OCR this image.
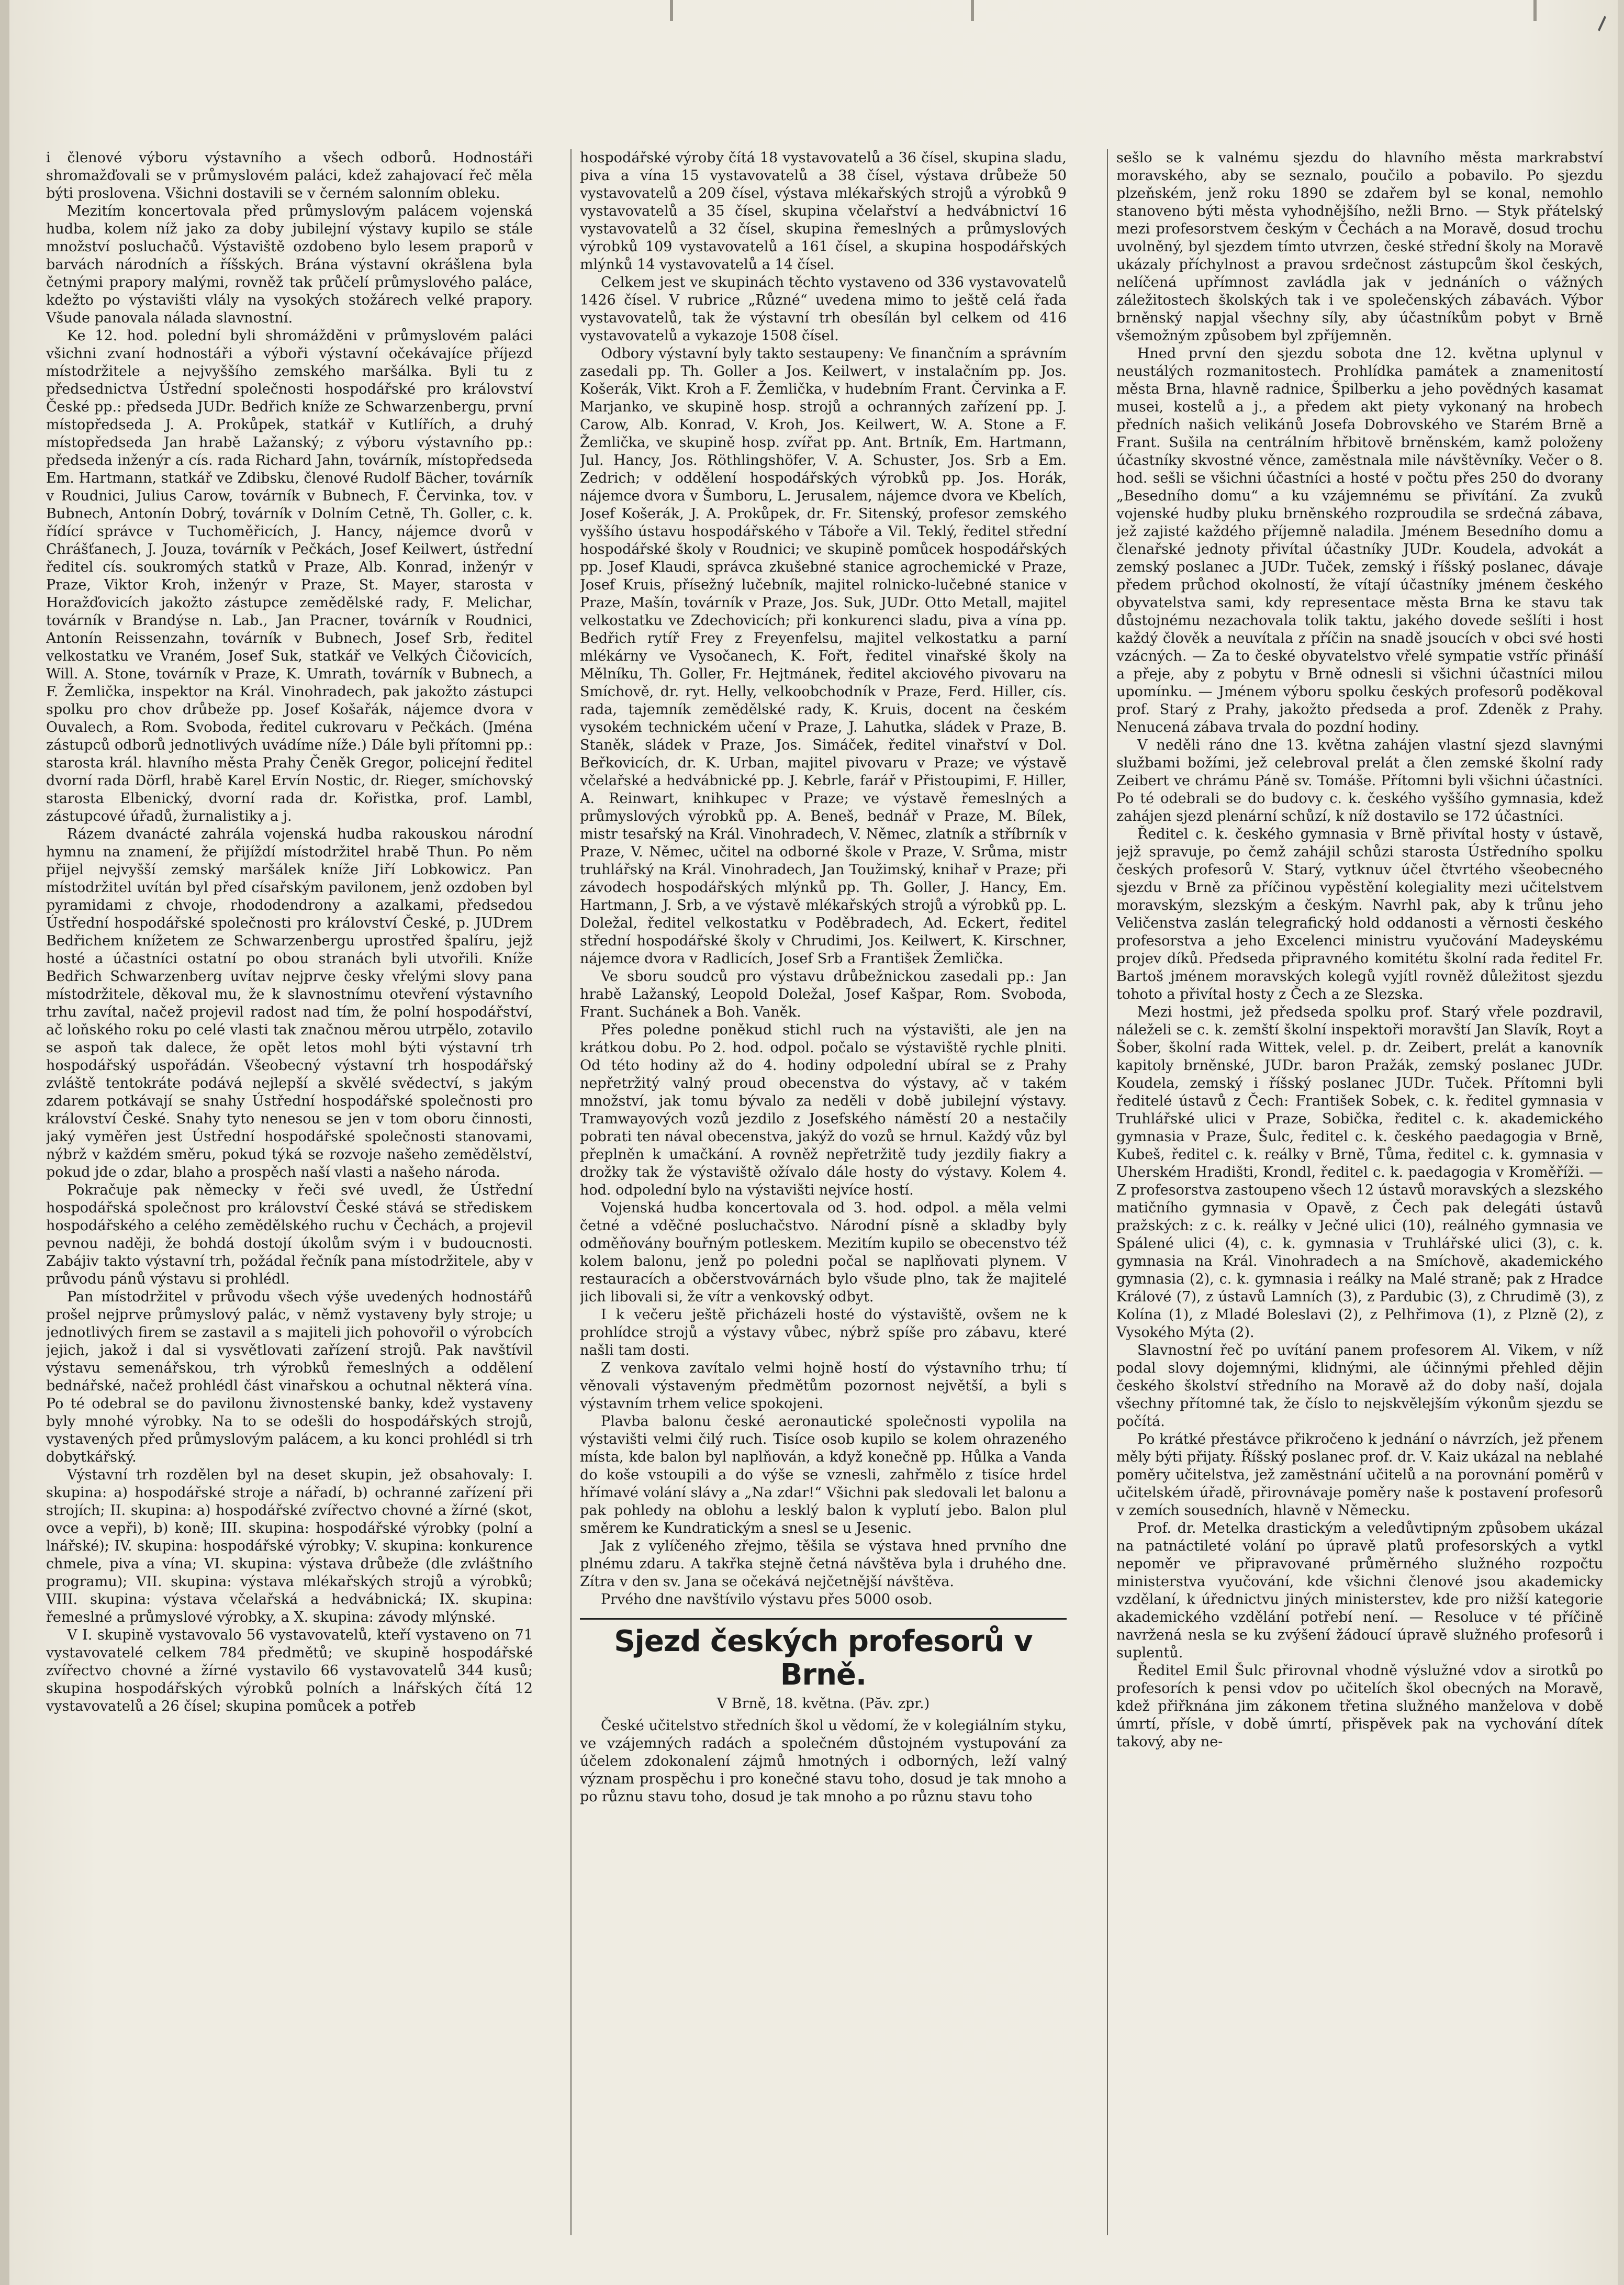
i členové výboru výstavního a všech odborů. Hodnostáři shromažďovali se v průmyslovém paláci, kdež zahajovací řeč měla býti proslovena. Všichni dostavili se v černém salonním obleku.

Mezitím koncertovala před průmyslovým palácem vojenská hudba, kolem níž jako za doby jubilejní výstavy kupilo se stále množství posluchačů. Výstaviště ozdobeno bylo lesem praporů v barvách národních a říšských. Brána výstavní okrášlena byla četnými prapory malými, rovněž tak průčelí průmyslového paláce, kdežto po výstavišti vlály na vysokých stožárech velké prapory. Všude panovala nálada slavnostní.

Ke 12. hod. polední byli shromážděni v průmyslovém paláci všichni zvaní hodnostáři a výboři výstavní očekávajíce příjezd místodržitele a nejvyššího zemského maršálka. Byli tu z předsednictva Ústřední společnosti hospodářské pro království České pp.: předseda JUDr. Bedřich kníže ze Schwarzenbergu, první místopředseda J. A. Prokůpek, statkář v Kutlířích, a druhý místopředseda Jan hrabě Lažanský; z výboru výstavního pp.: předseda inženýr a cís. rada Richard Jahn, továrník, místopředseda Em. Hartmann, statkář ve Zdibsku, členové Rudolf Bächer, továrník v Roudnici, Julius Carow, továrník v Bubnech, F. Červinka, tov. v Bubnech, Antonín Dobrý, továrník v Dolním Cetně, Th. Goller, c. k. řídící správce v Tuchoměřicích, J. Hancy, nájemce dvorů v Chrášťanech, J. Jouza, továrník v Pečkách, Josef Keilwert, ústřední ředitel cís. soukromých statků v Praze, Alb. Konrad, inženýr v Praze, Viktor Kroh, inženýr v Praze, St. Mayer, starosta v Horažďovicích jakožto zástupce zemědělské rady, F. Melichar, továrník v Brandýse n. Lab., Jan Pracner, továrník v Roudnici, Antonín Reissenzahn, továrník v Bubnech, Josef Srb, ředitel velkostatku ve Vraném, Josef Suk, statkář ve Velkých Čičovicích, Will. A. Stone, továrník v Praze, K. Umrath, továrník v Bubnech, a F. Žemlička, inspektor na Král. Vinohradech, pak jakožto zástupci spolku pro chov drůbeže pp. Josef Košařák, nájemce dvora v Ouvalech, a Rom. Svoboda, ředitel cukrovaru v Pečkách. (Jména zástupců odborů jednotlivých uvádíme níže.) Dále byli přítomni pp.: starosta král. hlavního města Prahy Čeněk Gregor, policejní ředitel dvorní rada Dörfl, hrabě Karel Ervín Nostic, dr. Rieger, smíchovský starosta Elbenický, dvorní rada dr. Kořistka, prof. Lambl, zástupcové úřadů, žurnalistiky a j.

Rázem dvanácté zahrála vojenská hudba rakouskou národní hymnu na znamení, že přijíždí místodržitel hrabě Thun. Po něm přijel nejvyšší zemský maršálek kníže Jiří Lobkowicz. Pan místodržitel uvítán byl před císařským pavilonem, jenž ozdoben byl pyramidami z chvoje, rhododendrony a azalkami, předsedou Ústřední hospodářské společnosti pro království České, p. JUDrem Bedřichem knížetem ze Schwarzenbergu uprostřed špalíru, jejž hosté a účastníci ostatní po obou stranách byli utvořili. Kníže Bedřich Schwarzenberg uvítav nejprve česky vřelými slovy pana místodržitele, děkoval mu, že k slavnostnímu otevření výstavního trhu zavítal, načež projevil radost nad tím, že polní hospodářství, ač loňského roku po celé vlasti tak značnou měrou utrpělo, zotavilo se aspoň tak dalece, že opět letos mohl býti výstavní trh hospodářský uspořádán. Všeobecný výstavní trh hospodářský zvláště tentokráte podává nejlepší a skvělé svědectví, s jakým zdarem potkávají se snahy Ústřední hospodářské společnosti pro království České. Snahy tyto nenesou se jen v tom oboru činnosti, jaký vyměřen jest Ústřední hospodářské společnosti stanovami, nýbrž v každém směru, pokud týká se rozvoje našeho zemědělství, pokud jde o zdar, blaho a prospěch naší vlasti a našeho národa.

Pokračuje pak německy v řeči své uvedl, že Ústřední hospodářská společnost pro království České stává se střediskem hospodářského a celého zemědělského ruchu v Čechách, a projevil pevnou naději, že bohdá dostojí úkolům svým i v budoucnosti. Zabájiv takto výstavní trh, požádal řečník pana místodržitele, aby v průvodu pánů výstavu si prohlédl.

Pan místodržitel v průvodu všech výše uvedených hodnostářů prošel nejprve průmyslový palác, v němž vystaveny byly stroje; u jednotlivých firem se zastavil a s majiteli jich pohovořil o výrobcích jejich, jakož i dal si vysvětlovati zařízení strojů. Pak navštívil výstavu semenářskou, trh výrobků řemeslných a oddělení bednářské, načež prohlédl část vinařskou a ochutnal některá vína. Po té odebral se do pavilonu živnostenské banky, kdež vystaveny byly mnohé výrobky. Na to se odešli do hospodářských strojů, vystavených před průmyslovým palácem, a ku konci prohlédl si trh dobytkářský.

Výstavní trh rozdělen byl na deset skupin, jež obsahovaly: I. skupina: a) hospodářské stroje a nářadí, b) ochranné zařízení při strojích; II. skupina: a) hospodářské zvířectvo chovné a žírné (skot, ovce a vepři), b) koně; III. skupina: hospodářské výrobky (polní a lnářské); IV. skupina: hospodářské výrobky; V. skupina: konkurence chmele, piva a vína; VI. skupina: výstava drůbeže (dle zvláštního programu); VII. skupina: výstava mlékařských strojů a výrobků; VIII. skupina: výstava včelařská a hedvábnická; IX. skupina: řemeslné a průmyslové výrobky, a X. skupina: závody mlýnské.

V I. skupině vystavovalo 56 vystavovatelů, kteří vystaveno on 71 vystavovatelé celkem 784 předmětů; ve skupině hospodářské zvířectvo chovné a žírné vystavilo 66 vystavovatelů 344 kusů; skupina hospodářských výrobků polních a lnářských čítá 12 vystavovatelů a 26 čísel; skupina pomůcek a potřeb

hospodářské výroby čítá 18 vystavovatelů a 36 čísel, skupina sladu, piva a vína 15 vystavovatelů a 38 čísel, výstava drůbeže 50 vystavovatelů a 209 čísel, výstava mlékařských strojů a výrobků 9 vystavovatelů a 35 čísel, skupina včelařství a hedvábnictví 16 vystavovatelů a 32 čísel, skupina řemeslných a průmyslových výrobků 109 vystavovatelů a 161 čísel, a skupina hospodářských mlýnků 14 vystavovatelů a 14 čísel.

Celkem jest ve skupinách těchto vystaveno od 336 vystavovatelů 1426 čísel. V rubrice „Různé“ uvedena mimo to ještě celá řada vystavovatelů, tak že výstavní trh obesílán byl celkem od 416 vystavovatelů a vykazoje 1508 čísel.

Odbory výstavní byly takto sestaupeny: Ve finančním a správním zasedali pp. Th. Goller a Jos. Keilwert, v instalačním pp. Jos. Košerák, Vikt. Kroh a F. Žemlička, v hudebním Frant. Červinka a F. Marjanko, ve skupině hosp. strojů a ochranných zařízení pp. J. Carow, Alb. Konrad, V. Kroh, Jos. Keilwert, W. A. Stone a F. Žemlička, ve skupině hosp. zvířat pp. Ant. Brtník, Em. Hartmann, Jul. Hancy, Jos. Röthlingshöfer, V. A. Schuster, Jos. Srb a Em. Zedrich; v oddělení hospodářských výrobků pp. Jos. Horák, nájemce dvora v Šumboru, L. Jerusalem, nájemce dvora ve Kbelích, Josef Košerák, J. A. Prokůpek, dr. Fr. Sitenský, profesor zemského vyššího ústavu hospodářského v Táboře a Vil. Teklý, ředitel střední hospodářské školy v Roudnici; ve skupině pomůcek hospodářských pp. Josef Klaudi, správca zkušebné stanice agrochemické v Praze, Josef Kruis, přísežný lučebník, majitel rolnicko-lučebné stanice v Praze, Mašín, továrník v Praze, Jos. Suk, JUDr. Otto Metall, majitel velkostatku ve Zdechovicích; při konkurenci sladu, piva a vína pp. Bedřich rytíř Frey z Freyenfelsu, majitel velkostatku a parní mlékárny ve Vysočanech, K. Fořt, ředitel vinařské školy na Mělníku, Th. Goller, Fr. Hejtmánek, ředitel akciového pivovaru na Smíchově, dr. ryt. Helly, velkoobchodník v Praze, Ferd. Hiller, cís. rada, tajemník zemědělské rady, K. Kruis, docent na českém vysokém technickém učení v Praze, J. Lahutka, sládek v Praze, B. Staněk, sládek v Praze, Jos. Simáček, ředitel vinařství v Dol. Beřkovicích, dr. K. Urban, majitel pivovaru v Praze; ve výstavě včelařské a hedvábnické pp. J. Kebrle, farář v Přistoupimi, F. Hiller, A. Reinwart, knihkupec v Praze; ve výstavě řemeslných a průmyslových výrobků pp. A. Beneš, bednář v Praze, M. Bílek, mistr tesařský na Král. Vinohradech, V. Němec, zlatník a stříbrník v Praze, V. Němec, učitel na odborné škole v Praze, V. Srůma, mistr truhlářský na Král. Vinohradech, Jan Toužimský, knihař v Praze; při závodech hospodářských mlýnků pp. Th. Goller, J. Hancy, Em. Hartmann, J. Srb, a ve výstavě mlékařských strojů a výrobků pp. L. Doležal, ředitel velkostatku v Poděbradech, Ad. Eckert, ředitel střední hospodářské školy v Chrudimi, Jos. Keilwert, K. Kirschner, nájemce dvora v Radlicích, Josef Srb a František Žemlička.

Ve sboru soudců pro výstavu drůbežnickou zasedali pp.: Jan hrabě Lažanský, Leopold Doležal, Josef Kašpar, Rom. Svoboda, Frant. Suchánek a Boh. Vaněk.

Přes poledne poněkud stichl ruch na výstavišti, ale jen na krátkou dobu. Po 2. hod. odpol. počalo se výstaviště rychle plniti. Od této hodiny až do 4. hodiny odpolední ubíral se z Prahy nepřetržitý valný proud obecenstva do výstavy, ač v takém množství, jak tomu bývalo za neděli v době jubilejní výstavy. Tramwayových vozů jezdilo z Josefského náměstí 20 a nestačily pobrati ten nával obecenstva, jakýž do vozů se hrnul. Každý vůz byl přeplněn k umačkání. A rovněž nepřetržitě tudy jezdily fiakry a drožky tak že výstaviště ožívalo dále hosty do výstavy. Kolem 4. hod. odpolední bylo na výstavišti nejvíce hostí.

Vojenská hudba koncertovala od 3. hod. odpol. a měla velmi četné a vděčné posluchačstvo. Národní písně a skladby byly odměňovány bouřným potleskem. Mezitím kupilo se obecenstvo též kolem balonu, jenž po poledni počal se naplňovati plynem. V restauracích a občerstvovárnách bylo všude plno, tak že majitelé jich libovali si, že vítr a venkovský odbyt.

I k večeru ještě přicházeli hosté do výstaviště, ovšem ne k prohlídce strojů a výstavy vůbec, nýbrž spíše pro zábavu, které našli tam dosti.

Z venkova zavítalo velmi hojně hostí do výstavního trhu; tí věnovali výstaveným předmětům pozornost největší, a byli s výstavním trhem velice spokojeni.

Plavba balonu české aeronautické společnosti vypolila na výstavišti velmi čilý ruch. Tisíce osob kupilo se kolem ohrazeného místa, kde balon byl naplňován, a když konečně pp. Hůlka a Vanda do koše vstoupili a do výše se vznesli, zahřmělo z tisíce hrdel hřímavé volání slávy a „Na zdar!“ Všichni pak sledovali let balonu a pak pohledy na oblohu a lesklý balon k vyplutí jebo. Balon plul směrem ke Kundratickým a snesl se u Jesenic.

Jak z vylíčeného zřejmo, těšila se výstava hned prvního dne plnému zdaru. A takřka stejně četná návštěva byla i druhého dne. Zítra v den sv. Jana se očekává nejčetnější návštěva.

Prvého dne navštívilo výstavu přes 5000 osob.

Sjezd českých profesorů v Brně.

V Brně, 18. května. (Păv. zpr.)

České učitelstvo středních škol u vědomí, že v kolegiálním styku, ve vzájemných radách a společném důstojném vystupování za účelem zdokonalení zájmů hmotných i odborných, leží valný význam prospěchu i pro konečné stavu toho, dosud je tak mnoho a po různu stavu toho, dosud je tak mnoho a po různu stavu toho

sešlo se k valnému sjezdu do hlavního města markrabství moravského, aby se seznalo, poučilo a pobavilo. Po sjezdu plzeňském, jenž roku 1890 se zdařem byl se konal, nemohlo stanoveno býti města vyhodnějšího, nežli Brno. — Styk přátelský mezi profesorstvem českým v Čechách a na Moravě, dosud trochu uvolněný, byl sjezdem tímto utvrzen, české střední školy na Moravě ukázaly příchylnost a pravou srdečnost zástupcům škol českých, nelíčená upřímnost zavládla jak v jednáních o vážných záležitostech školských tak i ve společenských zábavách. Výbor brněnský napjal všechny síly, aby účastníkům pobyt v Brně všemožným způsobem byl zpříjemněn.

Hned první den sjezdu sobota dne 12. května uplynul v neustálých rozmanitostech. Prohlídka památek a znamenitostí města Brna, hlavně radnice, Špilberku a jeho povědných kasamat musei, kostelů a j., a předem akt piety vykonaný na hrobech předních našich velikánů Josefa Dobrovského ve Starém Brně a Frant. Sušila na centrálním hřbitově brněnském, kamž položeny účastníky skvostné věnce, zaměstnala mile návštěvníky. Večer o 8. hod. sešli se všichni účastníci a hosté v počtu přes 250 do dvorany „Besedního domu“ a ku vzájemnému se přivítání. Za zvuků vojenské hudby pluku brněnského rozproudila se srdečná zábava, jež zajisté každého příjemně naladila. Jménem Besedního domu a členařské jednoty přivítal účastníky JUDr. Koudela, advokát a zemský poslanec a JUDr. Tuček, zemský i říšský poslanec, dávaje předem průchod okolností, že vítají účastníky jménem českého obyvatelstva sami, kdy representace města Brna ke stavu tak důstojnému nezachovala tolik taktu, jakého dovede sešlíti i host každý člověk a neuvítala z příčin na snadě jsoucích v obci své hosti vzácných. — Za to české obyvatelstvo vřelé sympatie vstříc přináší a přeje, aby z pobytu v Brně odnesli si všichni účastníci milou upomínku. — Jménem výboru spolku českých profesorů poděkoval prof. Starý z Prahy, jakožto předseda a prof. Zdeněk z Prahy. Nenucená zábava trvala do pozdní hodiny.

V neděli ráno dne 13. května zahájen vlastní sjezd slavnými službami božími, jež celebroval prelát a člen zemské školní rady Zeibert ve chrámu Páně sv. Tomáše. Přítomni byli všichni účastníci. Po té odebrali se do budovy c. k. českého vyššího gymnasia, kdež zahájen sjezd plenární schůzí, k níž dostavilo se 172 účastníci.

Ředitel c. k. českého gymnasia v Brně přivítal hosty v ústavě, jejž spravuje, po čemž zahájil schůzi starosta Ústředního spolku českých profesorů V. Starý, vytknuv účel čtvrtého všeobecného sjezdu v Brně za příčinou vypěstění kolegiality mezi učitelstvem moravským, slezským a českým. Navrhl pak, aby k trůnu jeho Veličenstva zaslán telegrafický hold oddanosti a věrnosti českého profesorstva a jeho Excelenci ministru vyučování Madeyskému projev díků. Předseda připravného komitétu školní rada ředitel Fr. Bartoš jménem moravských kolegů vyjítl rovněž důležitost sjezdu tohoto a přivítal hosty z Čech a ze Slezska.

Mezi hostmi, jež předseda spolku prof. Starý vřele pozdravil, náleželi se c. k. zemští školní inspektoři moravští Jan Slavík, Royt a Šober, školní rada Wittek, velel. p. dr. Zeibert, prelát a kanovník kapitoly brněnské, JUDr. baron Pražák, zemský poslanec JUDr. Koudela, zemský i říšský poslanec JUDr. Tuček. Přítomni byli ředitelé ústavů z Čech: František Sobek, c. k. ředitel gymnasia v Truhlářské ulici v Praze, Sobička, ředitel c. k. akademického gymnasia v Praze, Šulc, ředitel c. k. českého paedagogia v Brně, Kubeš, ředitel c. k. reálky v Brně, Tůma, ředitel c. k. gymnasia v Uherském Hradišti, Krondl, ředitel c. k. paedagogia v Kroměříži. — Z profesorstva zastoupeno všech 12 ústavů moravských a slezského matičního gymnasia v Opavě, z Čech pak delegáti ústavů pražských: z c. k. reálky v Ječné ulici (10), reálného gymnasia ve Spálené ulici (4), c. k. gymnasia v Truhlářské ulici (3), c. k. gymnasia na Král. Vinohradech a na Smíchově, akademického gymnasia (2), c. k. gymnasia i reálky na Malé straně; pak z Hradce Králové (7), z ústavů Lamních (3), z Pardubic (3), z Chrudimě (3), z Kolína (1), z Mladé Boleslavi (2), z Pelhřimova (1), z Plzně (2), z Vysokého Mýta (2).

Slavnostní řeč po uvítání panem profesorem Al. Vikem, v níž podal slovy dojemnými, klidnými, ale účinnými přehled dějin českého školství středního na Moravě až do doby naší, dojala všechny přítomné tak, že číslo to nejskvělejším výkonům sjezdu se počítá.

Po krátké přestávce přikročeno k jednání o návrzích, jež přenem měly býti přijaty. Říšský poslanec prof. dr. V. Kaiz ukázal na neblahé poměry učitelstva, jež zaměstnání učitelů a na porovnání poměrů v učitelském úřadě, přirovnávaje poměry naše k postavení profesorů v zemích sousedních, hlavně v Německu.

Prof. dr. Metelka drastickým a veledůvtipným způsobem ukázal na patnáctileté volání po úpravě platů profesorských a vytkl nepoměr ve připravované průměrného služného rozpočtu ministerstva vyučování, kde všichni členové jsou akademicky vzdělaní, k úřednictvu jiných ministerstev, kde pro nižší kategorie akademického vzdělání potřebí není. — Resoluce v té příčině navržená nesla se ku zvýšení žádoucí úpravě služného profesorů i suplentů.

Ředitel Emil Šulc přirovnal vhodně výslužné vdov a sirotků po profesorích k pensi vdov po učitelích škol obecných na Moravě, kdež přiřknána jim zákonem třetina služného manželova v době úmrtí, přísle, v době úmrtí, přispěvek pak na vychování dítek takový, aby ne-
